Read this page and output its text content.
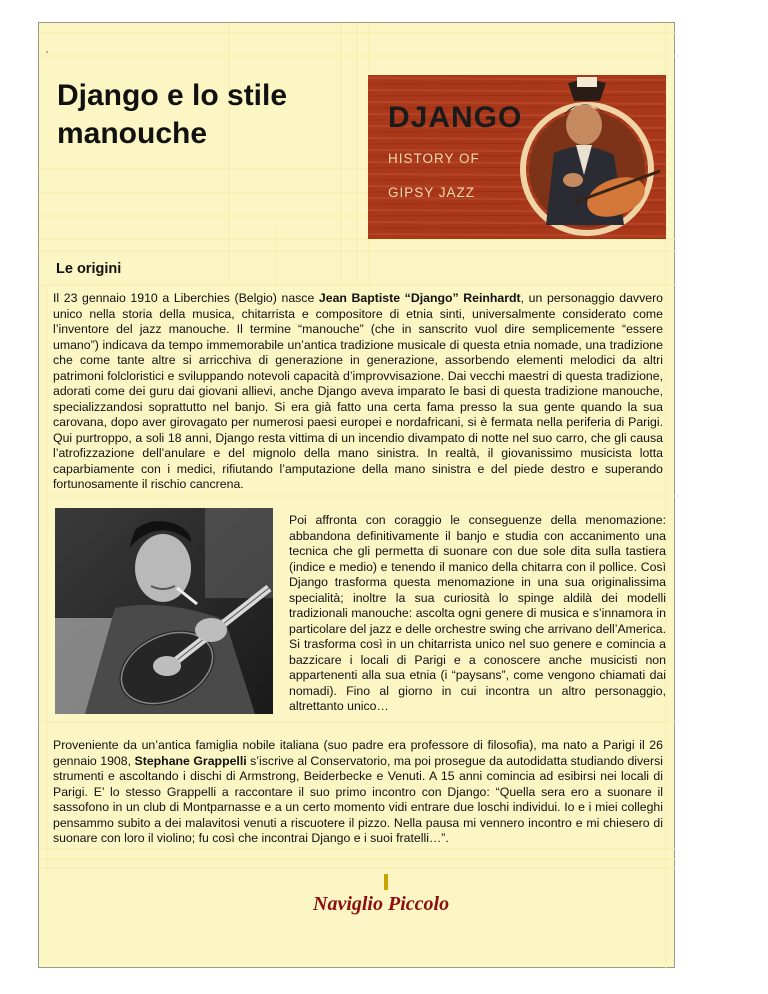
Django e lo stile manouche	DJANGO
HISTORY OF
GIPSY JAZZ
Le origini

Il 23 gennaio 1910 a Liberchies (Belgio) nasce Jean Baptiste “Django” Reinhardt, un personaggio davvero unico nella storia della musica, chitarrista e compositore di etnia sinti, universalmente considerato come l’inventore del jazz manouche. Il termine “manouche” (che in sanscrito vuol dire semplicemente “essere umano”) indicava da tempo immemorabile un’antica tradizione musicale di questa etnia nomade, una tradizione che come tante altre si arricchiva di generazione in generazione, assorbendo elementi melodici da altri patrimoni folcloristici e sviluppando notevoli capacità d’improvvisazione. Dai vecchi maestri di questa tradizione, adorati come dei guru dai giovani allievi, anche Django aveva imparato le basi di questa tradizione manouche, specializzandosi soprattutto nel banjo. Si era già fatto una certa fama presso la sua gente quando la sua carovana, dopo aver girovagato per numerosi paesi europei e nordafricani, si è fermata nella periferia di Parigi. Qui purtroppo, a soli 18 anni, Django resta vittima di un incendio divampato di notte nel suo carro, che gli causa l’atrofizzazione dell’anulare e del mignolo della mano sinistra. In realtà, il giovanissimo musicista lotta caparbiamente con i medici, rifiutando l’amputazione della mano sinistra e del piede destro e superando fortunosamente il rischio cancrena.

Poi affronta con coraggio le conseguenze della menomazione: abbandona definitivamente il banjo e studia con accanimento una tecnica che gli permetta di suonare con due sole dita sulla tastiera (indice e medio) e tenendo il manico della chitarra con il pollice. Così Django trasforma questa menomazione in una sua originalissima specialità; inoltre la sua curiosità lo spinge aldilà dei modelli tradizionali manouche: ascolta ogni genere di musica e s’innamora in particolare del jazz e delle orchestre swing che arrivano dell’America. Si trasforma così in un chitarrista unico nel suo genere e comincia a bazzicare i locali di Parigi e a conoscere anche musicisti non appartenenti alla sua etnia (i “paysans”, come vengono chiamati dai nomadi). Fino al giorno in cui incontra un altro personaggio, altrettanto unico…

Proveniente da un’antica famiglia nobile italiana (suo padre era professore di filosofia), ma nato a Parigi il 26 gennaio 1908, Stephane Grappelli s’iscrive al Conservatorio, ma poi prosegue da autodidatta studiando diversi strumenti e ascoltando i dischi di Armstrong, Beiderbecke e Venuti. A 15 anni comincia ad esibirsi nei locali di Parigi. E’ lo stesso Grappelli a raccontare il suo primo incontro con Django: “Quella sera ero a suonare il sassofono in un club di Montparnasse e a un certo momento vidi entrare due loschi individui. Io e i miei colleghi pensammo subito a dei malavitosi venuti a riscuotere il pizzo. Nella pausa mi vennero incontro e mi chiesero di suonare con loro il violino; fu così che incontrai Django e i suoi fratelli…”.

Naviglio Piccolo
